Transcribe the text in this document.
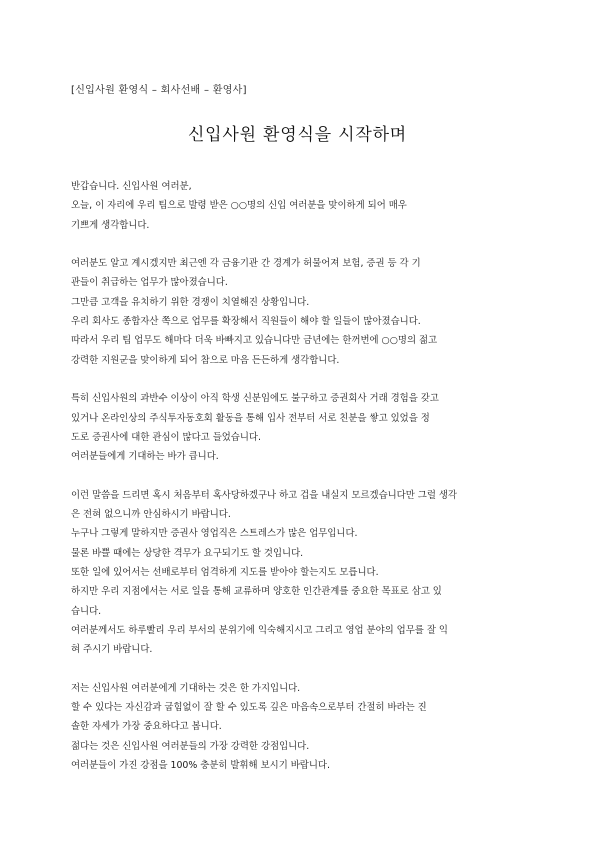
[신입사원 환영식 – 회사선배 – 환영사]
신입사원 환영식을 시작하며

반갑습니다. 신입사원 여러분,

오늘, 이 자리에 우리 팀으로 발령 받은 ○○명의 신입 여러분을 맞이하게 되어 매우
기쁘게 생각합니다.

여러분도 알고 계시겠지만 최근엔 각 금융기관 간 경계가 허물어져 보험, 증권 등 각 기
관들이 취급하는 업무가 많아졌습니다.

그만큼 고객을 유치하기 위한 경쟁이 치열해진 상황입니다.

우리 회사도 종합자산 쪽으로 업무를 확장해서 직원들이 해야 할 일들이 많아졌습니다.

따라서 우리 팀 업무도 해마다 더욱 바빠지고 있습니다만 금년에는 한꺼번에 ○○명의 젊고
강력한 지원군을 맞이하게 되어 참으로 마음 든든하게 생각합니다.

특히 신입사원의 과반수 이상이 아직 학생 신분임에도 불구하고 증권회사 거래 경험을 갖고
있거나 온라인상의 주식투자동호회 활동을 통해 입사 전부터 서로 친분을 쌓고 있었을 정
도로 증권사에 대한 관심이 많다고 들었습니다.

여러분들에게 기대하는 바가 큽니다.

이런 말씀을 드리면 혹시 처음부터 혹사당하겠구나 하고 겁을 내실지 모르겠습니다만 그럴 생각
은 전혀 없으니까 안심하시기 바랍니다.

누구나 그렇게 말하지만 증권사 영업직은 스트레스가 많은 업무입니다.

물론 바쁠 때에는 상당한 격무가 요구되기도 할 것입니다.

또한 일에 있어서는 선배로부터 엄격하게 지도를 받아야 할는지도 모릅니다.

하지만 우리 지점에서는 서로 일을 통해 교류하며 양호한 인간관계를 중요한 목표로 삼고 있
습니다.

여러분께서도 하루빨리 우리 부서의 분위기에 익숙해지시고 그리고 영업 분야의 업무를 잘 익
혀 주시기 바랍니다.

저는 신입사원 여러분에게 기대하는 것은 한 가지입니다.

할 수 있다는 자신감과 굽힘없이 잘 할 수 있도록 깊은 마음속으로부터 간절히 바라는 진
솔한 자세가 가장 중요하다고 봅니다.

젊다는 것은 신입사원 여러분들의 가장 강력한 강점입니다.

여러분들이 가진 강점을 100% 충분히 발휘해 보시기 바랍니다.
